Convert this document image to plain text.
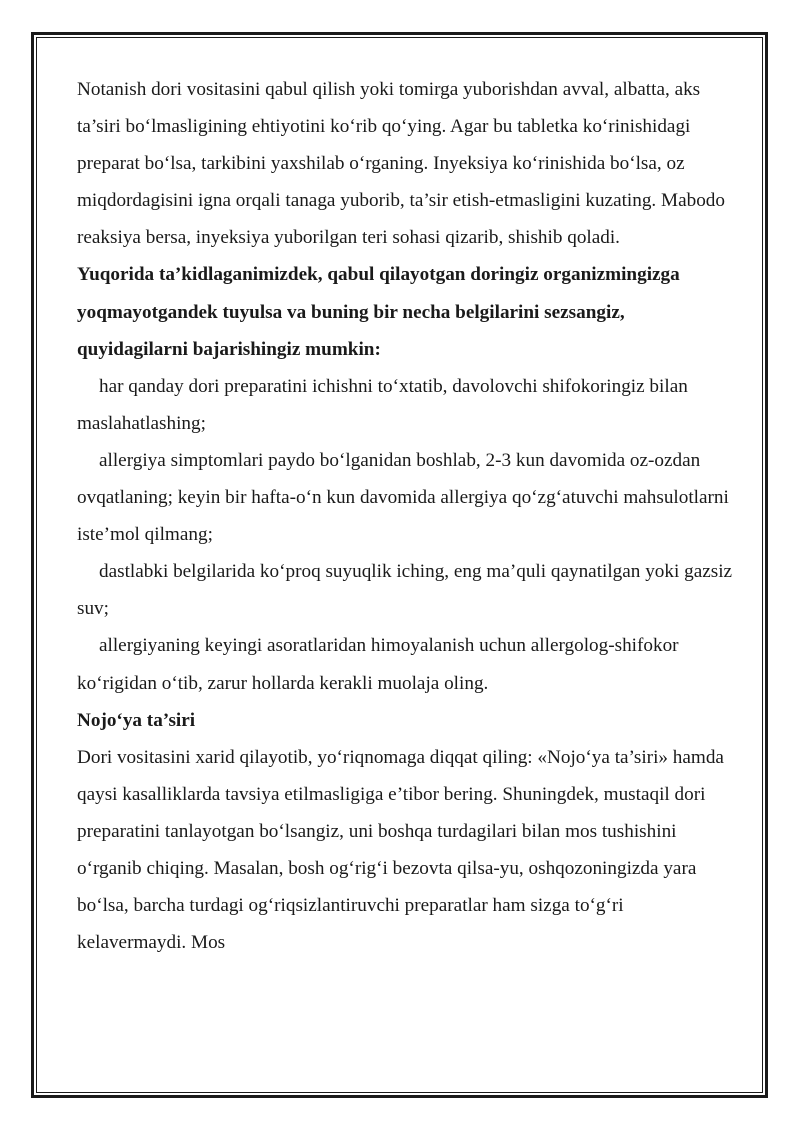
Notanish dori vositasini qabul qilish yoki tomirga yuborishdan avval, albatta, aks ta’siri bo‘lmasligining ehtiyotini ko‘rib qo‘ying. Agar bu tabletka ko‘rinishidagi preparat bo‘lsa, tarkibini yaxshilab o‘rganing. Inyeksiya ko‘rinishida bo‘lsa, oz miqdordagisini igna orqali tanaga yuborib, ta’sir etish-etmasligini kuzating. Mabodo reaksiya bersa, inyeksiya yuborilgan teri sohasi qizarib, shishib qoladi.

Yuqorida ta’kidlaganimizdek, qabul qilayotgan doringiz organizmingizga yoqmayotgandek tuyulsa va buning bir necha belgilarini sezsangiz, quyidagilarni bajarishingiz mumkin:

har qanday dori preparatini ichishni to‘xtatib, davolovchi shifokoringiz bilan maslahatlashing;

allergiya simptomlari paydo bo‘lganidan boshlab, 2-3 kun davomida oz-ozdan ovqatlaning; keyin bir hafta-o‘n kun davomida allergiya qo‘zg‘atuvchi mahsulotlarni iste’mol qilmang;

dastlabki belgilarida ko‘proq suyuqlik iching, eng ma’quli qaynatilgan yoki gazsiz suv;

allergiyaning keyingi asoratlaridan himoyalanish uchun allergolog-shifokor ko‘rigidan o‘tib, zarur hollarda kerakli muolaja oling.

Nojo‘ya ta’siri

Dori vositasini xarid qilayotib, yo‘riqnomaga diqqat qiling: «Nojo‘ya ta’siri» hamda qaysi kasalliklarda tavsiya etilmasligiga e’tibor bering. Shuningdek, mustaqil dori preparatini tanlayotgan bo‘lsangiz, uni boshqa turdagilari bilan mos tushishini o‘rganib chiqing. Masalan, bosh og‘rig‘i bezovta qilsa-yu, oshqozoningizda yara bo‘lsa, barcha turdagi og‘riqsizlantiruvchi preparatlar ham sizga to‘g‘ri kelavermaydi. Mos
